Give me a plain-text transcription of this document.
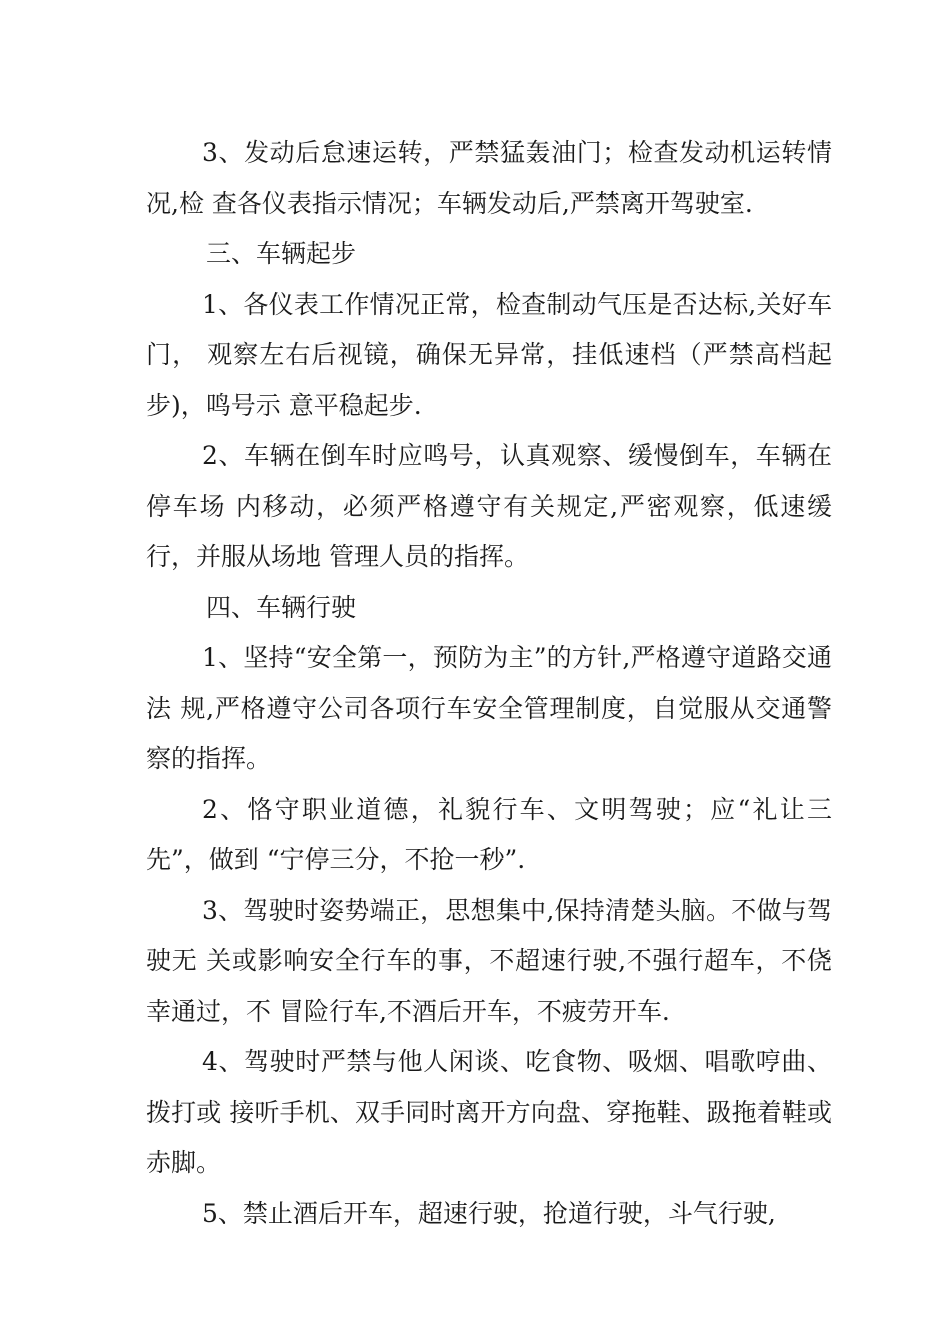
3、发动后怠速运转，严禁猛轰油门；检查发动机运转情况,检 查各仪表指示情况；车辆发动后,严禁离开驾驶室.

三、车辆起步

1、各仪表工作情况正常，检查制动气压是否达标,关好车门， 观察左右后视镜，确保无异常，挂低速档（严禁高档起步)，鸣号示 意平稳起步.

2、车辆在倒车时应鸣号，认真观察、缓慢倒车，车辆在停车场 内移动，必须严格遵守有关规定,严密观察，低速缓行，并服从场地 管理人员的指挥。

四、车辆行驶

1、坚持“安全第一，预防为主”的方针,严格遵守道路交通法 规,严格遵守公司各项行车安全管理制度，自觉服从交通警察的指挥。

2、恪守职业道德，礼貌行车、文明驾驶；应“礼让三先”，做到 “宁停三分，不抢一秒”.

3、驾驶时姿势端正，思想集中,保持清楚头脑。不做与驾驶无 关或影响安全行车的事，不超速行驶,不强行超车，不侥幸通过，不 冒险行车,不酒后开车，不疲劳开车.

4、驾驶时严禁与他人闲谈、吃食物、吸烟、唱歌哼曲、拨打或 接听手机、双手同时离开方向盘、穿拖鞋、趿拖着鞋或赤脚。

5、禁止酒后开车，超速行驶，抢道行驶，斗气行驶,
